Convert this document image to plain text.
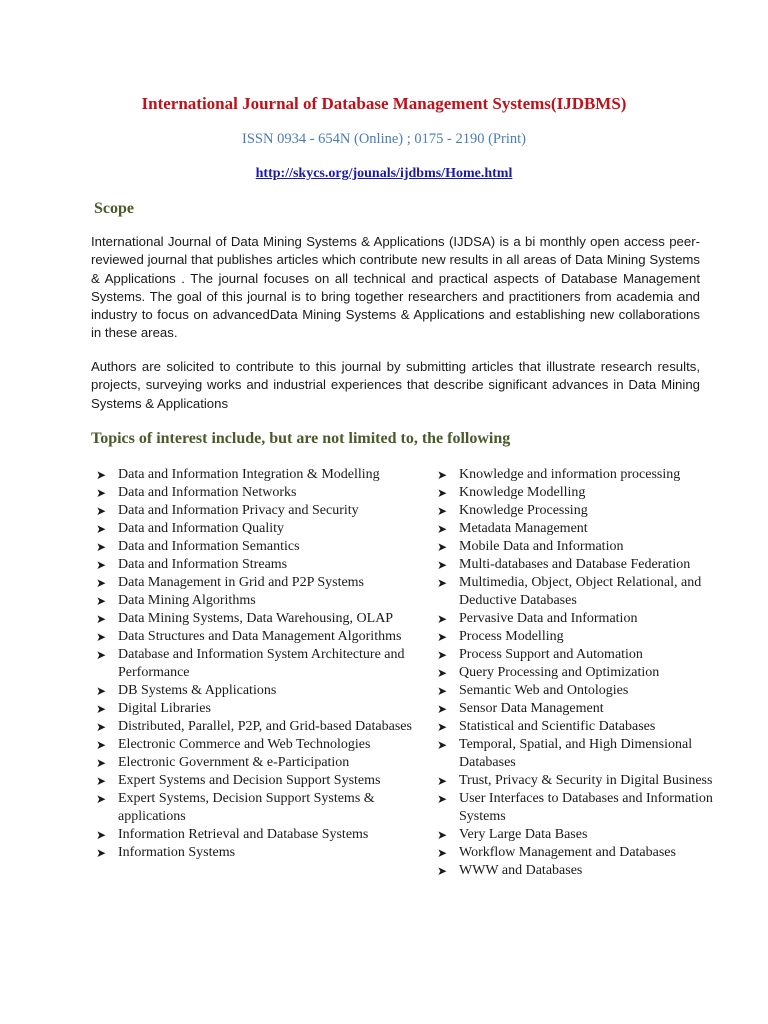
International Journal of Database Management Systems(IJDBMS)

ISSN 0934 - 654N (Online) ; 0175 - 2190 (Print)

http://skycs.org/jounals/ijdbms/Home.html

Scope

International Journal of Data Mining Systems & Applications (IJDSA) is a bi monthly open access peer-reviewed journal that publishes articles which contribute new results in all areas of Data Mining Systems & Applications . The journal focuses on all technical and practical aspects of Database Management Systems. The goal of this journal is to bring together researchers and practitioners from academia and industry to focus on advancedData Mining Systems & Applications and establishing new collaborations in these areas.

Authors are solicited to contribute to this journal by submitting articles that illustrate research results, projects, surveying works and industrial experiences that describe significant advances in Data Mining Systems & Applications

Topics of interest include, but are not limited to, the following
➤ Data and Information Integration & Modelling
➤ Data and Information Networks
➤ Data and Information Privacy and Security
➤ Data and Information Quality
➤ Data and Information Semantics
➤ Data and Information Streams
➤ Data Management in Grid and P2P Systems
➤ Data Mining Algorithms
➤ Data Mining Systems, Data Warehousing, OLAP
➤ Data Structures and Data Management Algorithms
➤ Database and Information System Architecture and Performance
➤ DB Systems & Applications
➤ Digital Libraries
➤ Distributed, Parallel, P2P, and Grid-based Databases
➤ Electronic Commerce and Web Technologies
➤ Electronic Government & e-Participation
➤ Expert Systems and Decision Support Systems
➤ Expert Systems, Decision Support Systems & applications
➤ Information Retrieval and Database Systems
➤ Information Systems
➤ Knowledge and information processing
➤ Knowledge Modelling
➤ Knowledge Processing
➤ Metadata Management
➤ Mobile Data and Information
➤ Multi-databases and Database Federation
➤ Multimedia, Object, Object Relational, and Deductive Databases
➤ Pervasive Data and Information
➤ Process Modelling
➤ Process Support and Automation
➤ Query Processing and Optimization
➤ Semantic Web and Ontologies
➤ Sensor Data Management
➤ Statistical and Scientific Databases
➤ Temporal, Spatial, and High Dimensional Databases
➤ Trust, Privacy & Security in Digital Business
➤ User Interfaces to Databases and Information Systems
➤ Very Large Data Bases
➤ Workflow Management and Databases
➤ WWW and Databases
